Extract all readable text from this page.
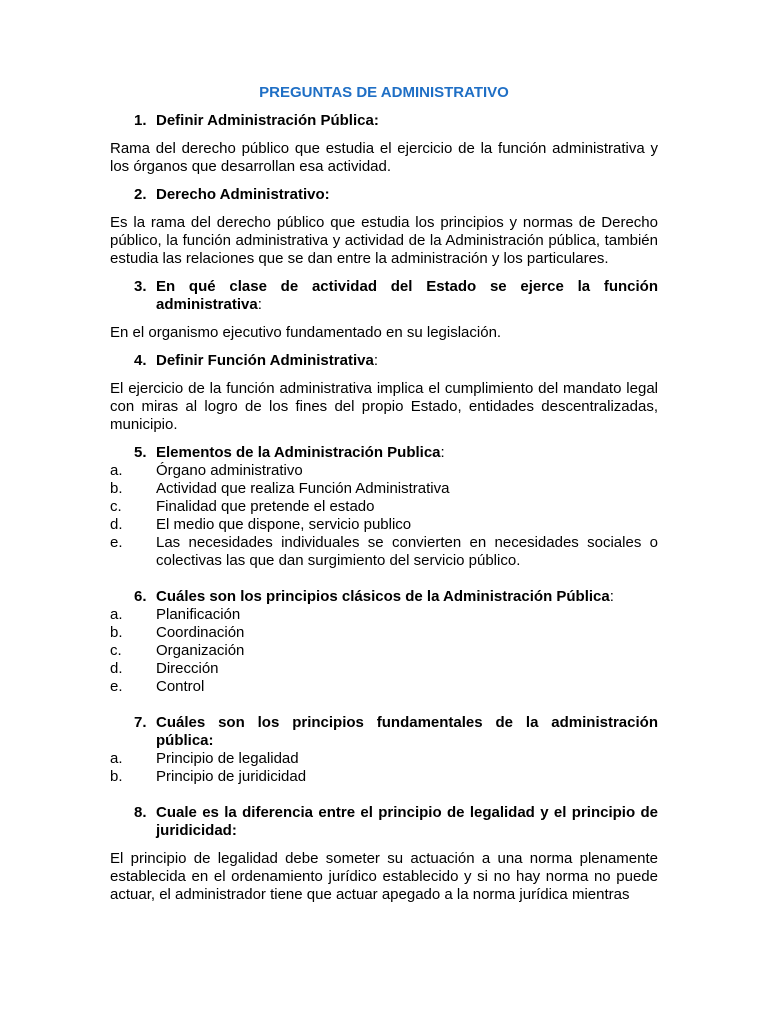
PREGUNTAS DE ADMINISTRATIVO
1. Definir Administración Pública:

Rama del derecho público que estudia el ejercicio de la función administrativa y los órganos que desarrollan esa actividad.

2. Derecho Administrativo:

Es la rama del derecho público que estudia los principios y normas de Derecho público, la función administrativa y actividad de la Administración pública, también estudia las relaciones que se dan entre la administración y los particulares.

3. En qué clase de actividad del Estado se ejerce la función administrativa:

En el organismo ejecutivo fundamentado en su legislación.

4. Definir Función Administrativa:

El ejercicio de la función administrativa implica el cumplimiento del mandato legal con miras al logro de los fines del propio Estado, entidades descentralizadas, municipio.

5. Elementos de la Administración Publica:
a.	Órgano administrativo
b.	Actividad que realiza Función Administrativa
c.	Finalidad que pretende el estado
d.	El medio que dispone, servicio publico
e.	Las necesidades individuales se convierten en necesidades sociales o colectivas las que dan surgimiento del servicio público.
6. Cuáles son los principios clásicos de la Administración Pública:
a.	Planificación
b.	Coordinación
c.	Organización
d.	Dirección
e.	Control
7. Cuáles son los principios fundamentales de la administración pública:
a.	Principio de legalidad
b.	Principio de juridicidad
8. Cuale es la diferencia entre el principio de legalidad y el principio de juridicidad:

El principio de legalidad debe someter su actuación a una norma plenamente establecida en el ordenamiento jurídico establecido y si no hay norma no puede actuar, el administrador tiene que actuar apegado a la norma jurídica mientras
